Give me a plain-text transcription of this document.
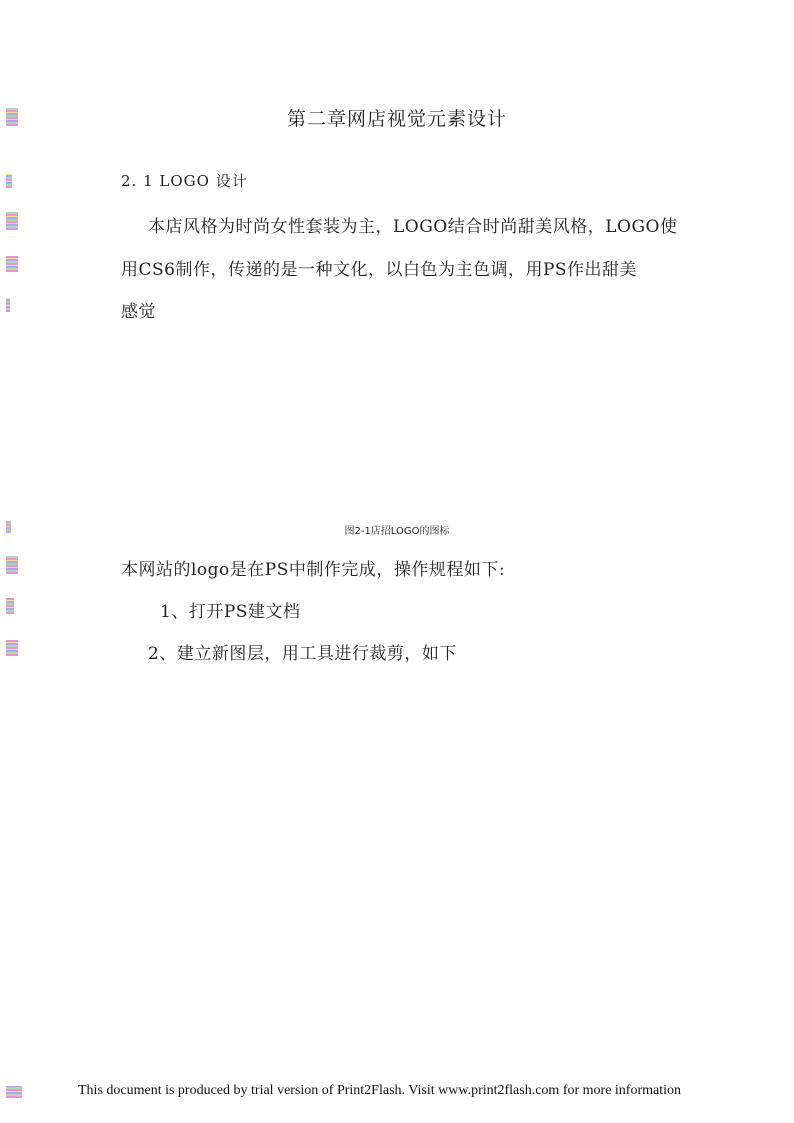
第二章网店视觉元素设计
2. 1 LOGO 设计
本店风格为时尚女性套装为主，LOGO结合时尚甜美风格，LOGO使
用CS6制作，传递的是一种文化，以白色为主色调，用PS作出甜美
感觉
图2-1店招LOGO的图标
本网站的logo是在PS中制作完成，操作规程如下:
1、打开PS建文档
2、建立新图层，用工具进行裁剪，如下
This document is produced by trial version of Print2Flash. Visit www.print2flash.com for more information
